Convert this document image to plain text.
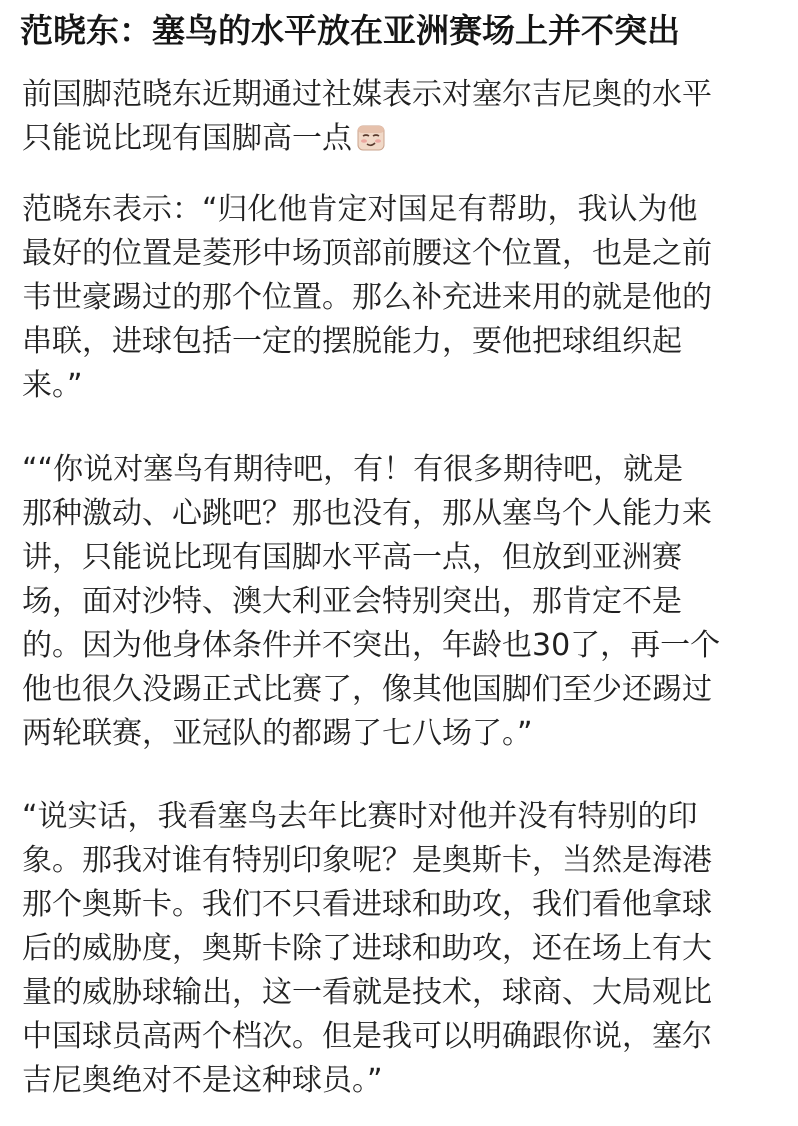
范晓东：塞鸟的水平放在亚洲赛场上并不突出
前国脚范晓东近期通过社媒表示对塞尔吉尼奥的水平
只能说比现有国脚高一点
范晓东表示：“归化他肯定对国足有帮助，我认为他
最好的位置是菱形中场顶部前腰这个位置，也是之前
韦世豪踢过的那个位置。那么补充进来用的就是他的
串联，进球包括一定的摆脱能力，要他把球组织起
来。”
““你说对塞鸟有期待吧，有！有很多期待吧，就是
那种激动、心跳吧？那也没有，那从塞鸟个人能力来
讲，只能说比现有国脚水平高一点，但放到亚洲赛
场，面对沙特、澳大利亚会特别突出，那肯定不是
的。因为他身体条件并不突出，年龄也30了，再一个
他也很久没踢正式比赛了，像其他国脚们至少还踢过
两轮联赛，亚冠队的都踢了七八场了。”
“说实话，我看塞鸟去年比赛时对他并没有特别的印
象。那我对谁有特别印象呢？是奥斯卡，当然是海港
那个奥斯卡。我们不只看进球和助攻，我们看他拿球
后的威胁度，奥斯卡除了进球和助攻，还在场上有大
量的威胁球输出，这一看就是技术，球商、大局观比
中国球员高两个档次。但是我可以明确跟你说，塞尔
吉尼奥绝对不是这种球员。”
